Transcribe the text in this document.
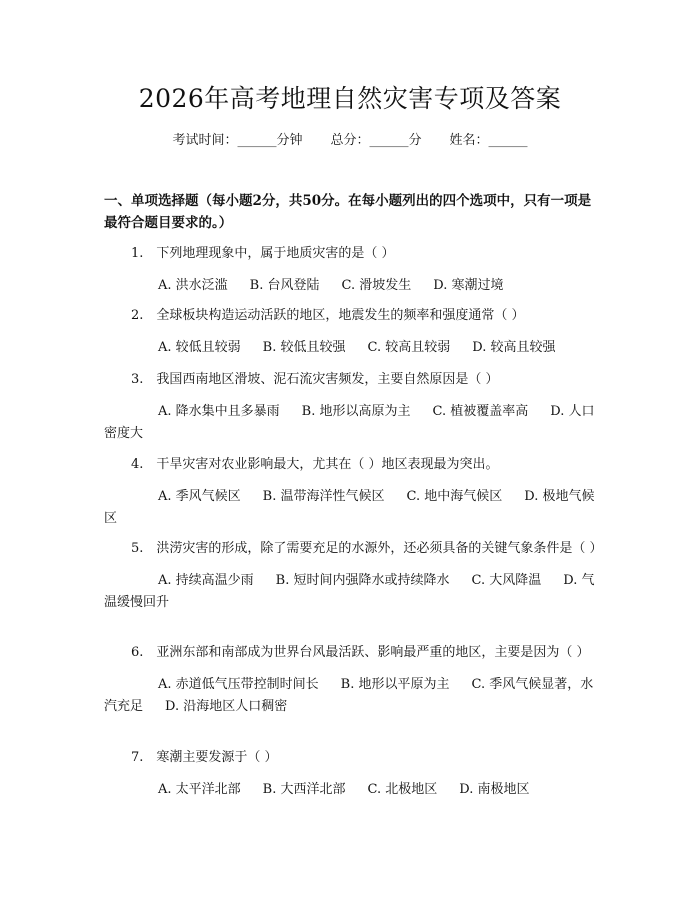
2026年高考地理自然灾害专项及答案
考试时间：______分钟 总分：______分 姓名：______
一、单项选择题（每小题2分，共50分。在每小题列出的四个选项中，只有一项是最符合题目要求的。）

1.　下列地理现象中，属于地质灾害的是（ ）

A. 洪水泛滥 B. 台风登陆 C. 滑坡发生 D. 寒潮过境

2.　全球板块构造运动活跃的地区，地震发生的频率和强度通常（ ）

A. 较低且较弱 B. 较低且较强 C. 较高且较弱 D. 较高且较强

3.　我国西南地区滑坡、泥石流灾害频发，主要自然原因是（ ）

A. 降水集中且多暴雨 B. 地形以高原为主 C. 植被覆盖率高 D. 人口密度大

4.　干旱灾害对农业影响最大，尤其在（ ）地区表现最为突出。

A. 季风气候区 B. 温带海洋性气候区 C. 地中海气候区 D. 极地气候区

5.　洪涝灾害的形成，除了需要充足的水源外，还必须具备的关键气象条件是（ ）

A. 持续高温少雨 B. 短时间内强降水或持续降水 C. 大风降温 D. 气温缓慢回升

6.　亚洲东部和南部成为世界台风最活跃、影响最严重的地区，主要是因为（ ）

A. 赤道低气压带控制时间长 B. 地形以平原为主 C. 季风气候显著，水汽充足 D. 沿海地区人口稠密

7.　寒潮主要发源于（ ）

A. 太平洋北部 B. 大西洋北部 C. 北极地区 D. 南极地区
